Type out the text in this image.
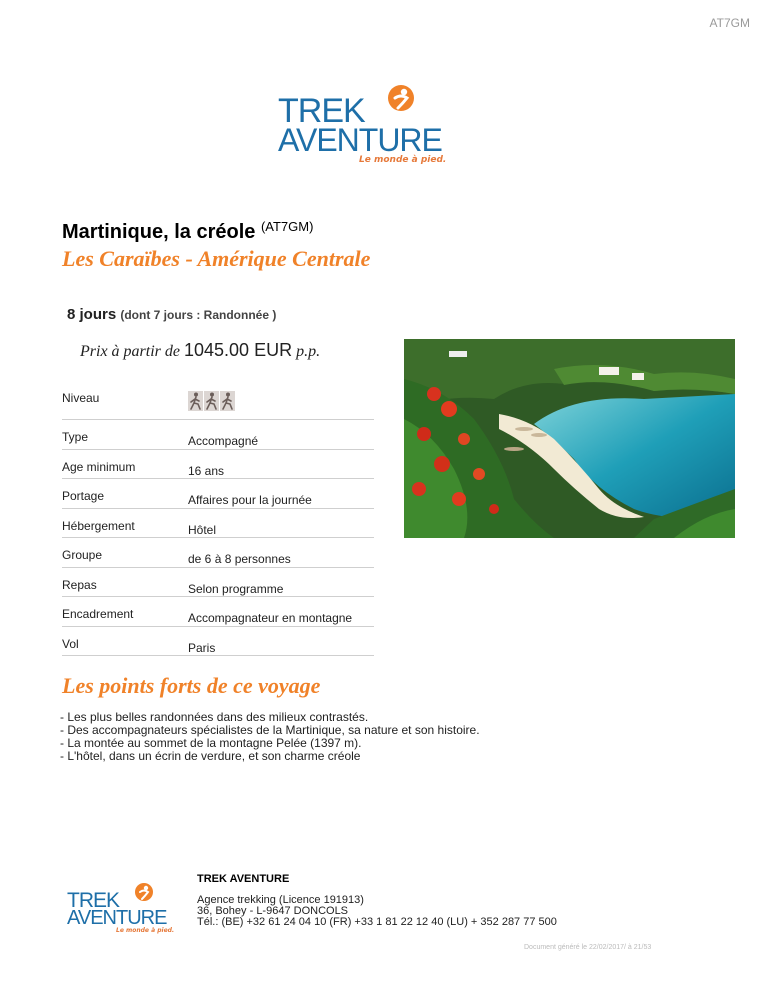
AT7GM
TREK
AVENTURE
Le monde à pied.
Martinique, la créole $^{(AT7GM)}$
Les Caraïbes - Amérique Centrale
8 jours (dont 7 jours : Randonnée )
Prix à partir de 1045.00 EUR p.p.
Niveau
Type	Accompagné
Age minimum	16 ans
Portage	Affaires pour la journée
Hébergement	Hôtel
Groupe	de 6 à 8 personnes
Repas	Selon programme
Encadrement	Accompagnateur en montagne
Vol	Paris
Les points forts de ce voyage
- Les plus belles randonnées dans des milieux contrastés.
- Des accompagnateurs spécialistes de la Martinique, sa nature et son histoire.
- La montée au sommet de la montagne Pelée (1397 m).
- L'hôtel, dans un écrin de verdure, et son charme créole
TREK
AVENTURE
Le monde à pied.
TREK AVENTURE
Agence trekking (Licence 191913)
36, Bohey - L-9647 DONCOLS
Tél.: (BE) +32 61 24 04 10 (FR) +33 1 81 22 12 40 (LU) + 352 287 77 500
Document généré le 22/02/2017/ à 21/53
